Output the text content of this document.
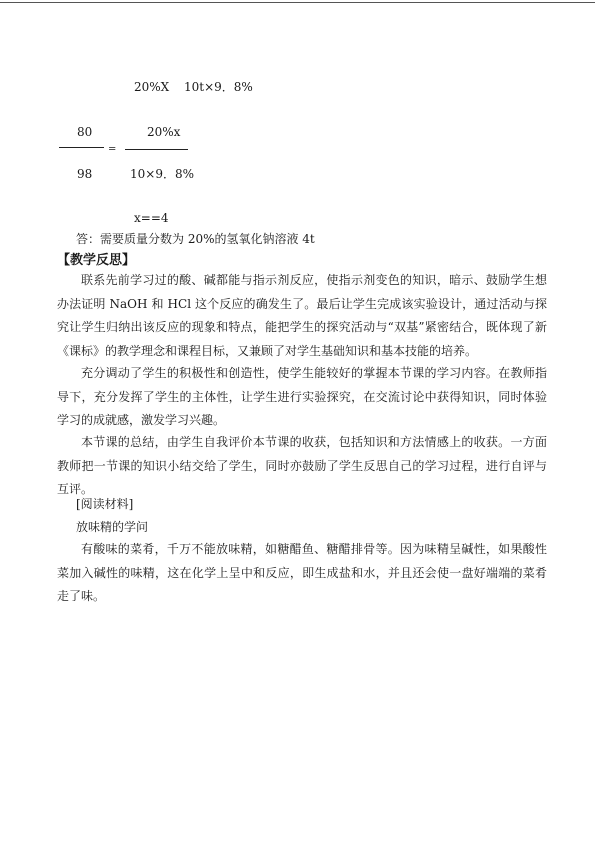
20%X 10t×9．8%
80
=
98
20%x
10×9．8%
x==4
答：需要质量分数为 20%的氢氧化钠溶液 4t
【教学反思】
联系先前学习过的酸、碱都能与指示剂反应，使指示剂变色的知识，暗示、鼓励学生想办法证明 NaOH 和 HCl 这个反应的确发生了。最后让学生完成该实验设计，通过活动与探究让学生归纳出该反应的现象和特点，能把学生的探究活动与“双基”紧密结合，既体现了新《课标》的教学理念和课程目标，又兼顾了对学生基础知识和基本技能的培养。
充分调动了学生的积极性和创造性，使学生能较好的掌握本节课的学习内容。在教师指导下，充分发挥了学生的主体性，让学生进行实验探究，在交流讨论中获得知识，同时体验学习的成就感，激发学习兴趣。
本节课的总结，由学生自我评价本节课的收获，包括知识和方法情感上的收获。一方面教师把一节课的知识小结交给了学生，同时亦鼓励了学生反思自己的学习过程，进行自评与互评。
[阅读材料]
放味精的学问
有酸味的菜肴，千万不能放味精，如糖醋鱼、糖醋排骨等。因为味精呈碱性，如果酸性菜加入碱性的味精，这在化学上呈中和反应，即生成盐和水，并且还会使一盘好端端的菜肴走了味。
